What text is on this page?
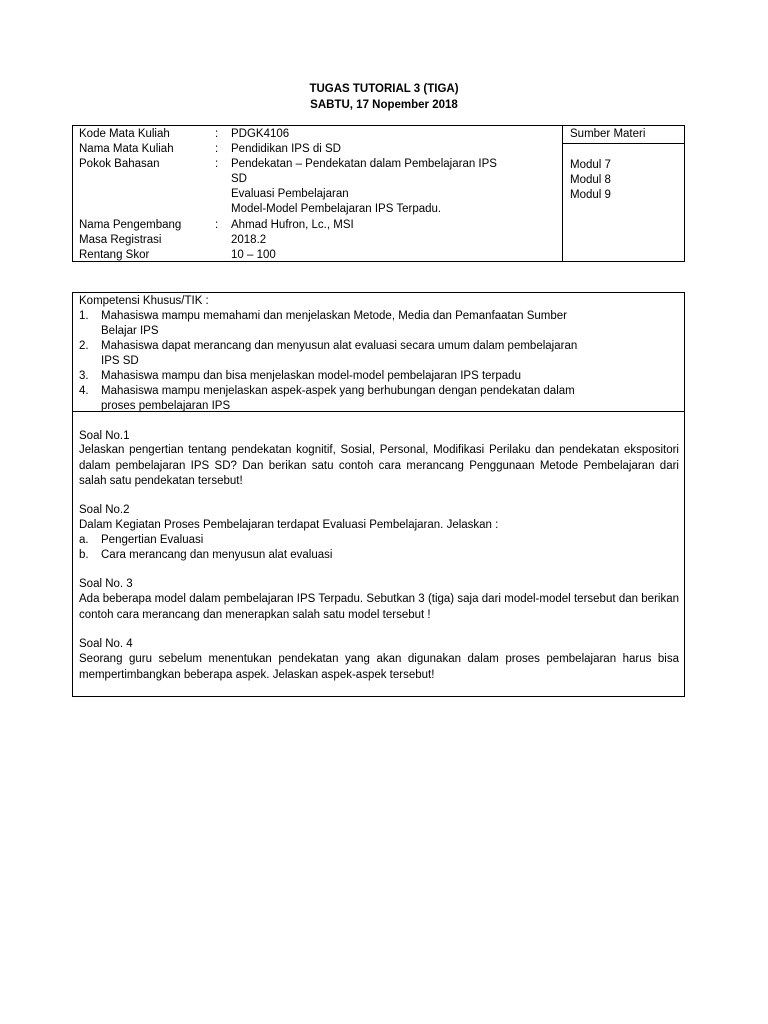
TUGAS TUTORIAL 3 (TIGA)
SABTU, 17 Nopember 2018
Kode Mata Kuliah	: PDGK4106
Nama Mata Kuliah	: Pendidikan IPS di SD
Pokok Bahasan	: Pendekatan – Pendekatan dalam Pembelajaran IPS
SD
Evaluasi Pembelajaran
Model-Model Pembelajaran IPS Terpadu.
Nama Pengembang	: Ahmad Hufron, Lc., MSI
Masa Registrasi	2018.2
Rentang Skor	10 – 100
Sumber Materi
Modul 7
Modul 8
Modul 9
Kompetensi Khusus/TIK :
1. Mahasiswa mampu memahami dan menjelaskan Metode, Media dan Pemanfaatan Sumber
Belajar IPS
2. Mahasiswa dapat merancang dan menyusun alat evaluasi secara umum dalam pembelajaran
IPS SD
3. Mahasiswa mampu dan bisa menjelaskan model-model pembelajaran IPS terpadu
4. Mahasiswa mampu menjelaskan aspek-aspek yang berhubungan dengan pendekatan dalam
proses pembelajaran IPS
Soal No.1
Jelaskan pengertian tentang pendekatan kognitif, Sosial, Personal, Modifikasi Perilaku dan pendekatan ekspositori dalam pembelajaran IPS SD? Dan berikan satu contoh cara merancang Penggunaan Metode Pembelajaran dari salah satu pendekatan tersebut!
Soal No.2
Dalam Kegiatan Proses Pembelajaran terdapat Evaluasi Pembelajaran. Jelaskan :
a. Pengertian Evaluasi
b. Cara merancang dan menyusun alat evaluasi
Soal No. 3
Ada beberapa model dalam pembelajaran IPS Terpadu. Sebutkan 3 (tiga) saja dari model-model tersebut dan berikan contoh cara merancang dan menerapkan salah satu model tersebut !
Soal No. 4
Seorang guru sebelum menentukan pendekatan yang akan digunakan dalam proses pembelajaran harus bisa mempertimbangkan beberapa aspek. Jelaskan aspek-aspek tersebut!
